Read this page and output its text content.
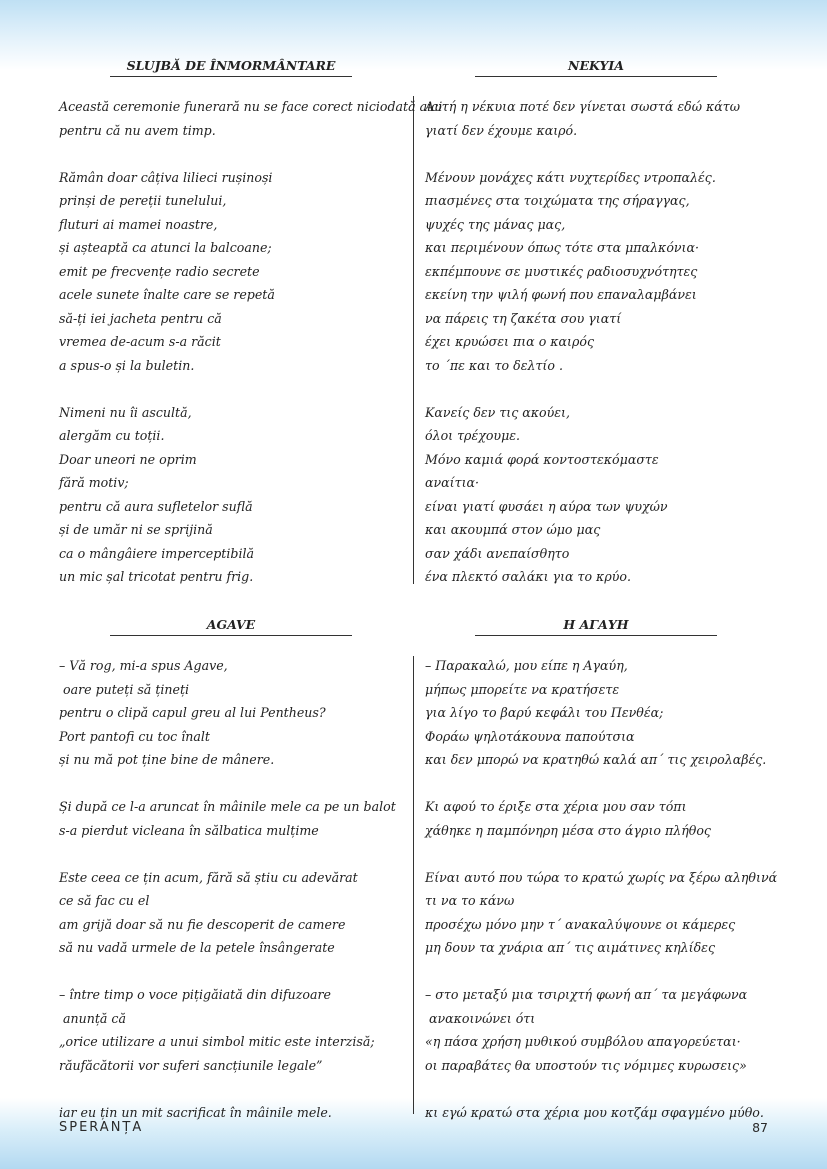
SLUJBĂ DE ÎNMORMÂNTARE	NEKYIA
Această ceremonie funerară nu se face corect niciodată aici
pentru că nu avem timp.
Rămân doar câțiva lilieci rușinoși
prinși de pereții tunelului,
fluturi ai mamei noastre,
și așteaptă ca atunci la balcoane;
emit pe frecvențe radio secrete
acele sunete înalte care se repetă
să-ți iei jacheta pentru că
vremea de-acum s-a răcit
a spus-o și la buletin.
Nimeni nu îi ascultă,
alergăm cu toții.
Doar uneori ne oprim
fără motiv;
pentru că aura sufletelor suflă
și de umăr ni se sprijină
ca o mângâiere imperceptibilă
un mic șal tricotat pentru frig.
Αυτή η νέκυια ποτέ δεν γίνεται σωστά εδώ κάτω
γιατί δεν έχουμε καιρό.
Μένουν μονάχες κάτι νυχτερίδες ντροπαλές.
πιασμένες στα τοιχώματα της σήραγγας,
ψυχές της μάνας μας,
και περιμένουν όπως τότε στα μπαλκόνια·
εκπέμπουνε σε μυστικές ραδιοσυχνότητες
εκείνη την ψιλή φωνή που επαναλαμβάνει
να πάρεις τη ζακέτα σου γιατί
έχει κρυώσει πια ο καιρός
το ΄πε και το δελτίο .
Κανείς δεν τις ακούει,
όλοι τρέχουμε.
Μόνο καμιά φορά κοντοστεκόμαστε
αναίτια·
είναι γιατί φυσάει η αύρα των ψυχών
και ακουμπά στον ώμο μας
σαν χάδι ανεπαίσθητο
ένα πλεκτό σαλάκι για το κρύο.
AGAVE	Η ΑΓΑΥΗ
– Vă rog, mi-a spus Agave,
oare puteți să țineți
pentru o clipă capul greu al lui Pentheus?
Port pantofi cu toc înalt
și nu mă pot ține bine de mânere.
Și după ce l-a aruncat în mâinile mele ca pe un balot
s-a pierdut vicleana în sălbatica mulțime
Este ceea ce țin acum, fără să știu cu adevărat
ce să fac cu el
am grijă doar să nu fie descoperit de camere
să nu vadă urmele de la petele însângerate
– între timp o voce pițigăiată din difuzoare
anunță că
„orice utilizare a unui simbol mitic este interzisă;
răufăcătorii vor suferi sancțiunile legale”
iar eu țin un mit sacrificat în mâinile mele.
– Παρακαλώ, μου είπε η Αγαύη,
μήπως μπορείτε να κρατήσετε
για λίγο το βαρύ κεφάλι του Πενθέα;
Φοράω ψηλοτάκουνα παπούτσια
και δεν μπορώ να κρατηθώ καλά απ΄ τις χειρολαβές.
Κι αφού το έριξε στα χέρια μου σαν τόπι
χάθηκε η παμπόνηρη μέσα στο άγριο πλήθος
Είναι αυτό που τώρα το κρατώ χωρίς να ξέρω αληθινά
τι να το κάνω
προσέχω μόνο μην τ΄ ανακαλύψουνε οι κάμερες
μη δουν τα χνάρια απ΄ τις αιμάτινες κηλίδες
– στο μεταξύ μια τσιριχτή φωνή απ΄ τα μεγάφωνα
ανακοινώνει ότι
«η πάσα χρήση μυθικού συμβόλου απαγορεύεται·
οι παραβάτες θα υποστούν τις νόμιμες κυρωσεις»
κι εγώ κρατώ στα χέρια μου κοτζάμ σφαγμένο μύθο.
SPERANȚA	87
